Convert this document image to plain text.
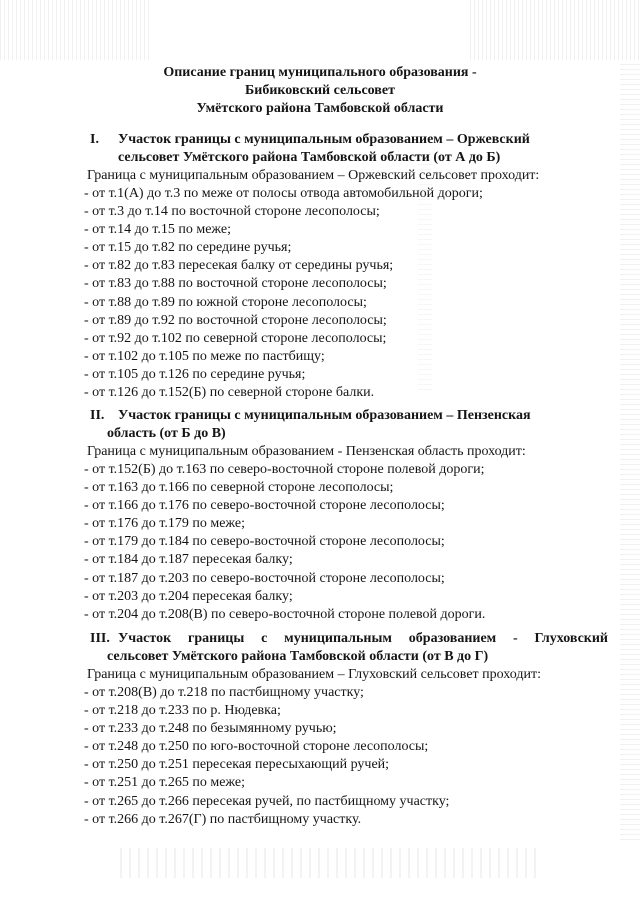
Описание границ муниципального образования -
Бибиковский сельсовет
Умётского района Тамбовской области
I. Участок границы с муниципальным образованием – Оржевский
сельсовет Умётского района Тамбовской области (от А до Б)
Граница с муниципальным образованием – Оржевский сельсовет проходит:
- от т.1(А) до т.3 по меже от полосы отвода автомобильной дороги;
- от т.3 до т.14 по восточной стороне лесополосы;
- от т.14 до т.15 по меже;
- от т.15 до т.82 по середине ручья;
- от т.82 до т.83 пересекая балку от середины ручья;
- от т.83 до т.88 по восточной стороне лесополосы;
- от т.88 до т.89 по южной стороне лесополосы;
- от т.89 до т.92 по восточной стороне лесополосы;
- от т.92 до т.102 по северной стороне лесополосы;
- от т.102 до т.105 по меже по пастбищу;
- от т.105 до т.126 по середине ручья;
- от т.126 до т.152(Б) по северной стороне балки.
II. Участок границы с муниципальным образованием – Пензенская
область (от Б до В)
Граница с муниципальным образованием - Пензенская область проходит:
- от т.152(Б) до т.163 по северо-восточной стороне полевой дороги;
- от т.163 до т.166 по северной стороне лесополосы;
- от т.166 до т.176 по северо-восточной стороне лесополосы;
- от т.176 до т.179 по меже;
- от т.179 до т.184 по северо-восточной стороне лесополосы;
- от т.184 до т.187 пересекая балку;
- от т.187 до т.203 по северо-восточной стороне лесополосы;
- от т.203 до т.204 пересекая балку;
- от т.204 до т.208(В) по северо-восточной стороне полевой дороги.
III. Участок границы с муниципальным образованием - Глуховский
сельсовет Умётского района Тамбовской области (от В до Г)
Граница с муниципальным образованием – Глуховский сельсовет проходит:
- от т.208(В) до т.218 по пастбищному участку;
- от т.218 до т.233 по р. Нюдевка;
- от т.233 до т.248 по безымянному ручью;
- от т.248 до т.250 по юго-восточной стороне лесополосы;
- от т.250 до т.251 пересекая пересыхающий ручей;
- от т.251 до т.265 по меже;
- от т.265 до т.266 пересекая ручей, по пастбищному участку;
- от т.266 до т.267(Г) по пастбищному участку.
